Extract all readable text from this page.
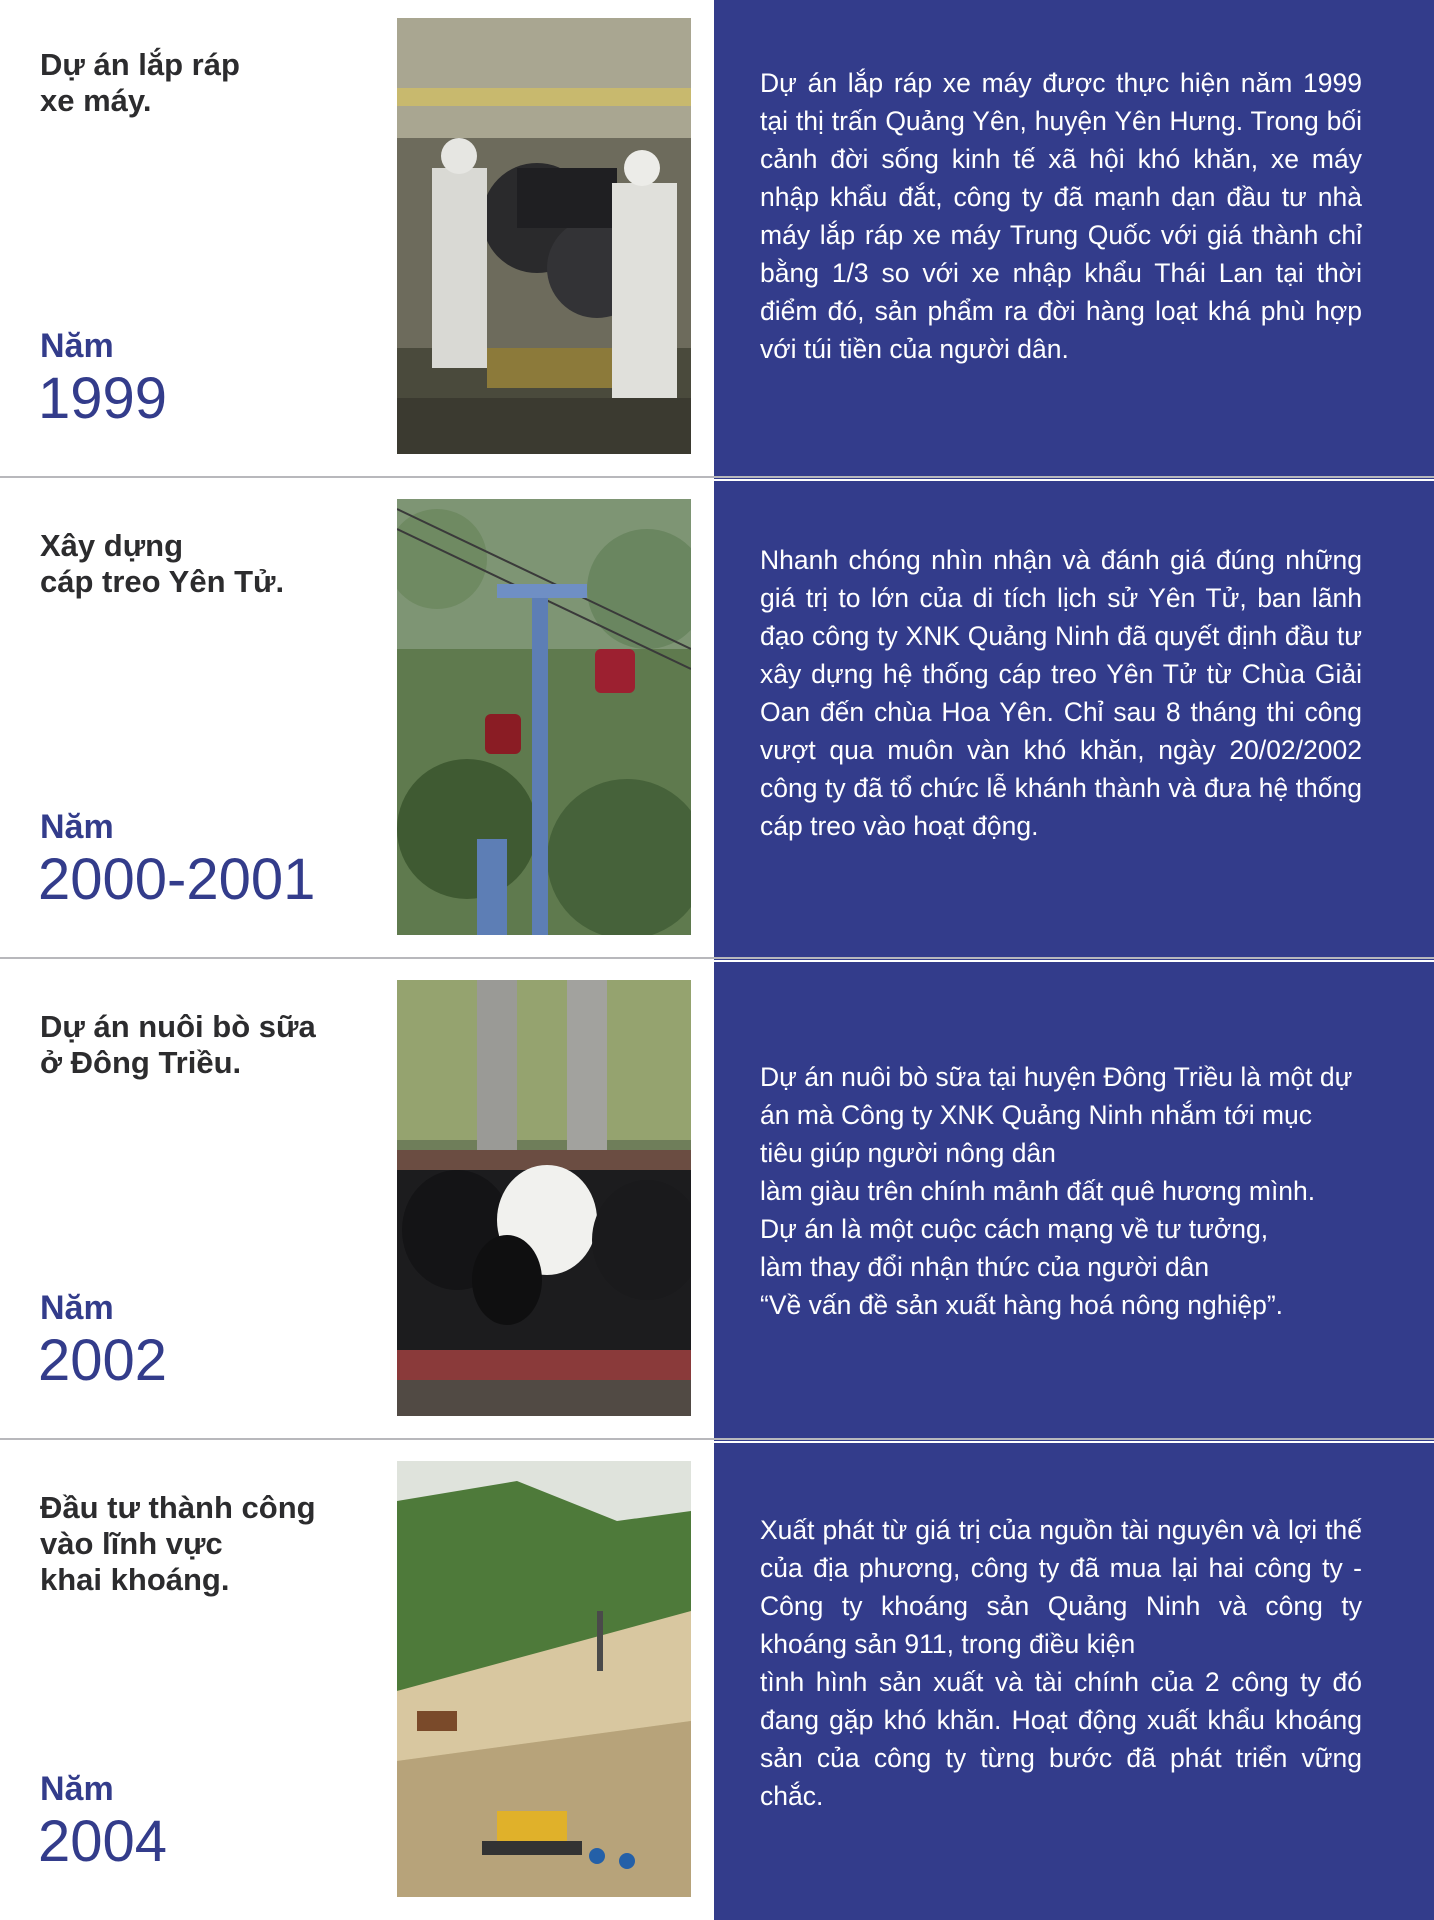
Dự án lắp ráp
xe máy.
Năm
1999

Dự án lắp ráp xe máy được thực hiện năm 1999 tại thị trấn Quảng Yên, huyện Yên Hưng. Trong bối cảnh đời sống kinh tế xã hội khó khăn, xe máy nhập khẩu đắt, công ty đã mạnh dạn đầu tư nhà máy lắp ráp xe máy Trung Quốc với giá thành chỉ bằng 1/3 so với xe nhập khẩu Thái Lan tại thời điểm đó, sản phẩm ra đời hàng loạt khá phù hợp với túi tiền của người dân.

Xây dựng
cáp treo Yên Tử.
Năm
2000-2001

Nhanh chóng nhìn nhận và đánh giá đúng những giá trị to lớn của di tích lịch sử Yên Tử, ban lãnh đạo công ty XNK Quảng Ninh đã quyết định đầu tư xây dựng hệ thống cáp treo Yên Tử từ Chùa Giải Oan đến chùa Hoa Yên. Chỉ sau 8 tháng thi công vượt qua muôn vàn khó khăn, ngày 20/02/2002 công ty đã tổ chức lễ khánh thành và đưa hệ thống cáp treo vào hoạt động.

Dự án nuôi bò sữa
ở Đông Triều.
Năm
2002

Dự án nuôi bò sữa tại huyện Đông Triều là một dự án mà Công ty XNK Quảng Ninh nhắm tới mục tiêu giúp người nông dân
làm giàu trên chính mảnh đất quê hương mình.
Dự án là một cuộc cách mạng về tư tưởng,
làm thay đổi nhận thức của người dân
“Về vấn đề sản xuất hàng hoá nông nghiệp”.

Đầu tư thành công
vào lĩnh vực
khai khoáng.
Năm
2004

Xuất phát từ giá trị của nguồn tài nguyên và lợi thế của địa phương, công ty đã mua lại hai công ty - Công ty khoáng sản Quảng Ninh và công ty khoáng sản 911, trong điều kiện
tình hình sản xuất và tài chính của 2 công ty đó đang gặp khó khăn. Hoạt động xuất khẩu khoáng sản của công ty từng bước đã phát triển vững chắc.
